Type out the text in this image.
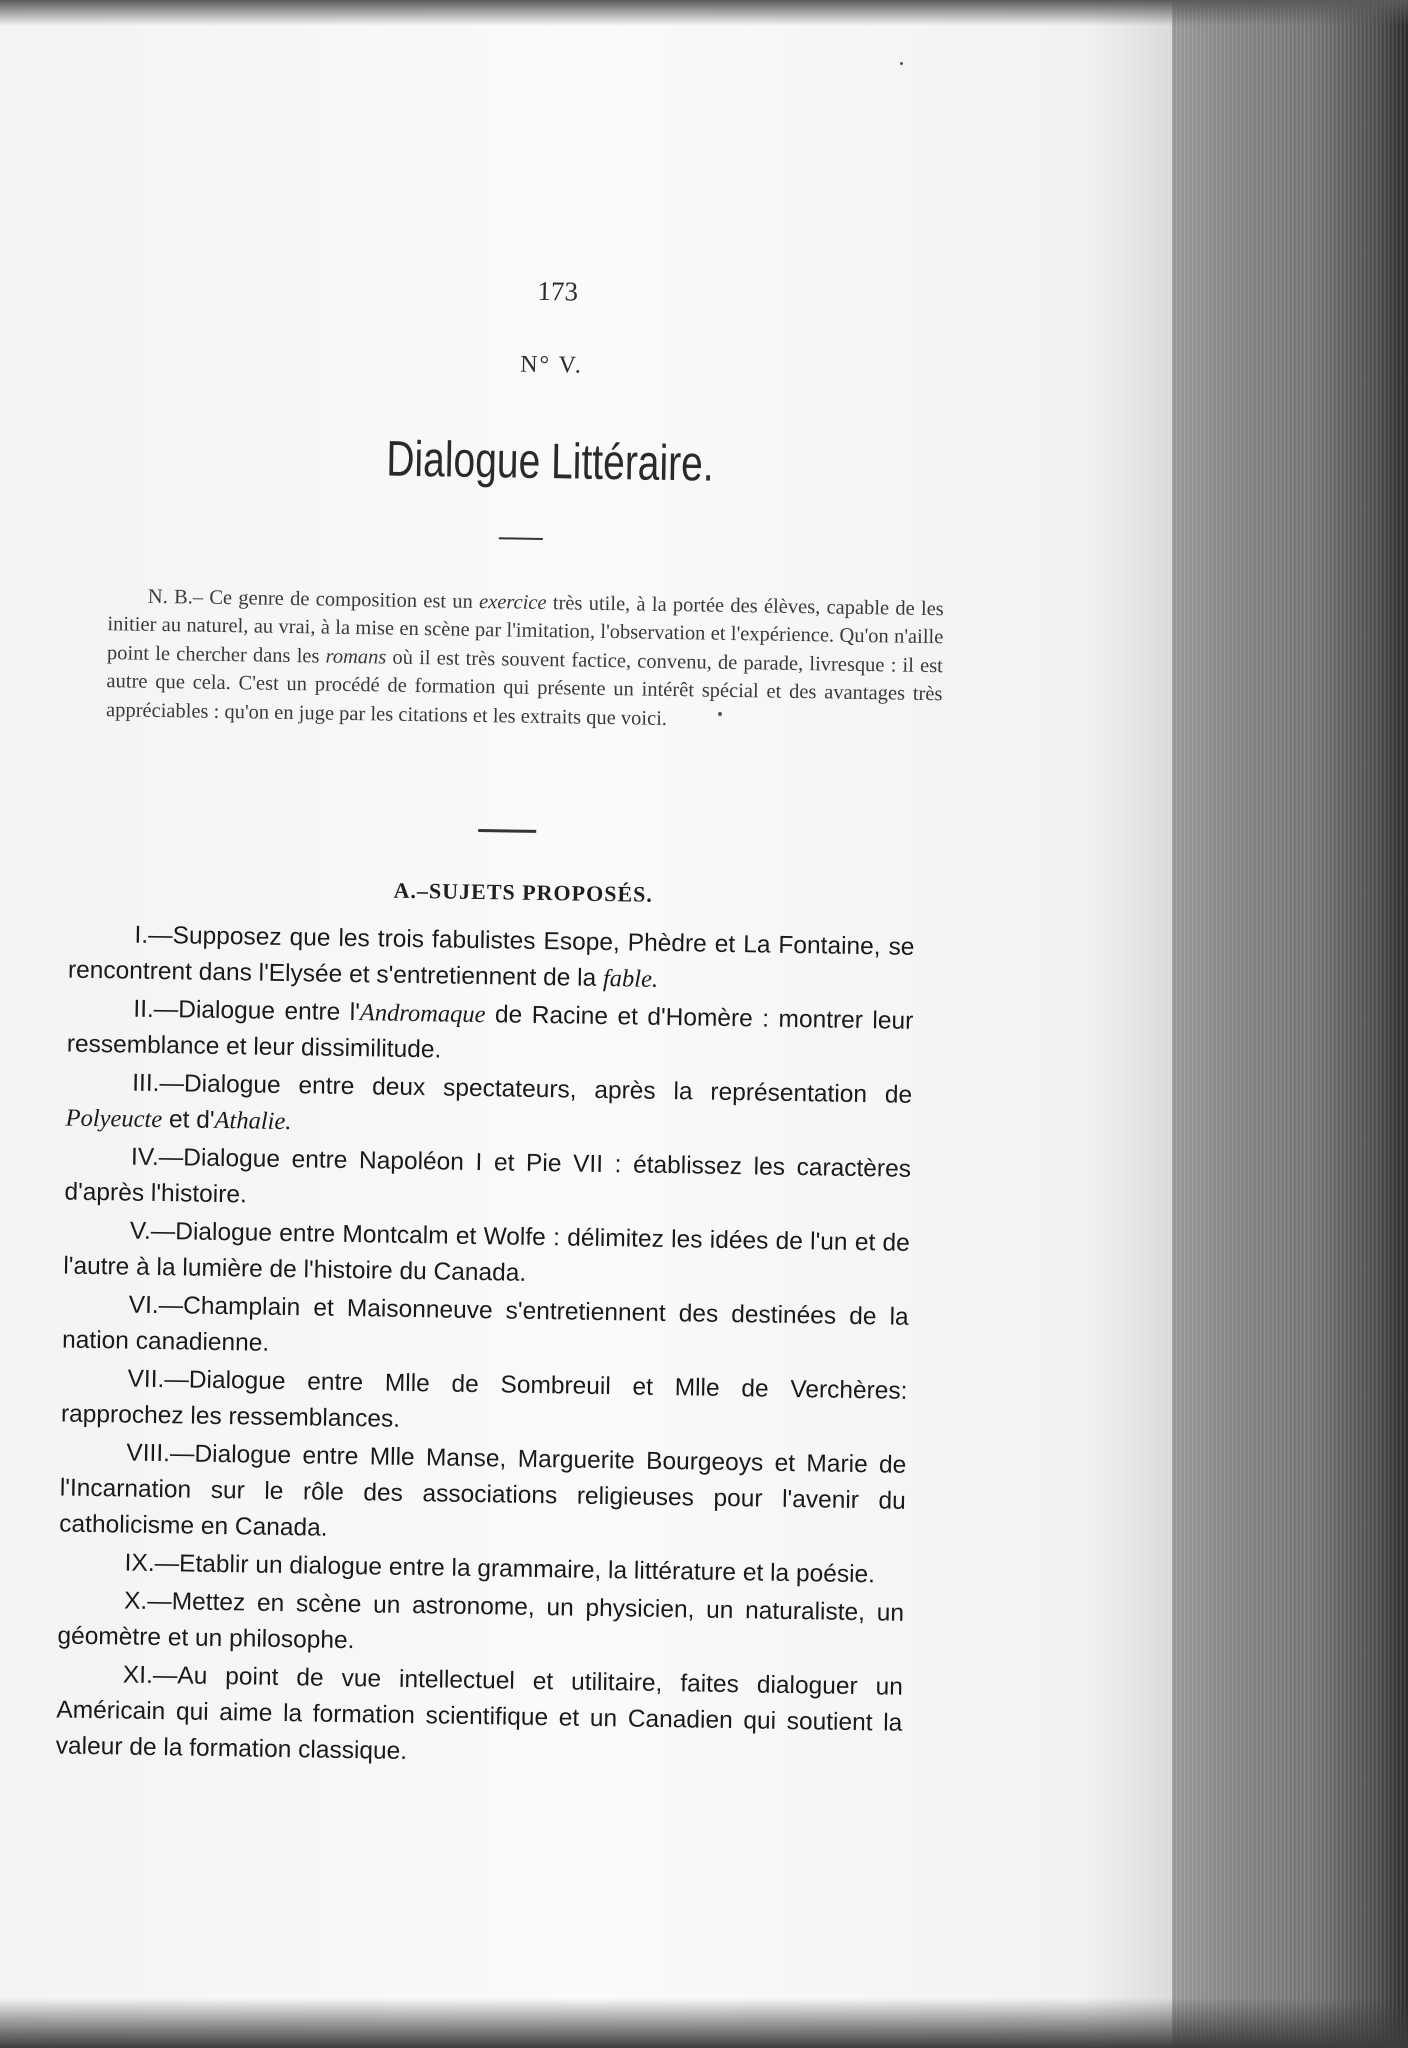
173
N° V.
Dialogue Littéraire.

N. B.– Ce genre de composition est un exercice très utile, à la portée des élèves, capable de les initier au naturel, au vrai, à la mise en scène par l'imitation, l'observation et l'expérience. Qu'on n'aille point le chercher dans les romans où il est très souvent factice, convenu, de parade, livresque : il est autre que cela. C'est un procédé de formation qui présente un intérêt spécial et des avantages très appréciables : qu'on en juge par les citations et les extraits que voici.

A.–SUJETS PROPOSÉS.

I.—Supposez que les trois fabulistes Esope, Phèdre et La Fontaine, se rencontrent dans l'Elysée et s'entretiennent de la fable.

II.—Dialogue entre l'Andromaque de Racine et d'Homère : montrer leur ressemblance et leur dissimilitude.

III.—Dialogue entre deux spectateurs, après la représentation de Polyeucte et d'Athalie.

IV.—Dialogue entre Napoléon I et Pie VII : établissez les caractères d'après l'histoire.

V.—Dialogue entre Montcalm et Wolfe : délimitez les idées de l'un et de l'autre à la lumière de l'histoire du Canada.

VI.—Champlain et Maisonneuve s'entretiennent des destinées de la nation canadienne.

VII.—Dialogue entre Mlle de Sombreuil et Mlle de Verchères: rapprochez les ressemblances.

VIII.—Dialogue entre Mlle Manse, Marguerite Bourgeoys et Marie de l'Incarnation sur le rôle des associations religieuses pour l'avenir du catholicisme en Canada.

IX.—Etablir un dialogue entre la grammaire, la littérature et la poésie.

X.—Mettez en scène un astronome, un physicien, un naturaliste, un géomètre et un philosophe.

XI.—Au point de vue intellectuel et utilitaire, faites dialoguer un Américain qui aime la formation scientifique et un Canadien qui soutient la valeur de la formation classique.
